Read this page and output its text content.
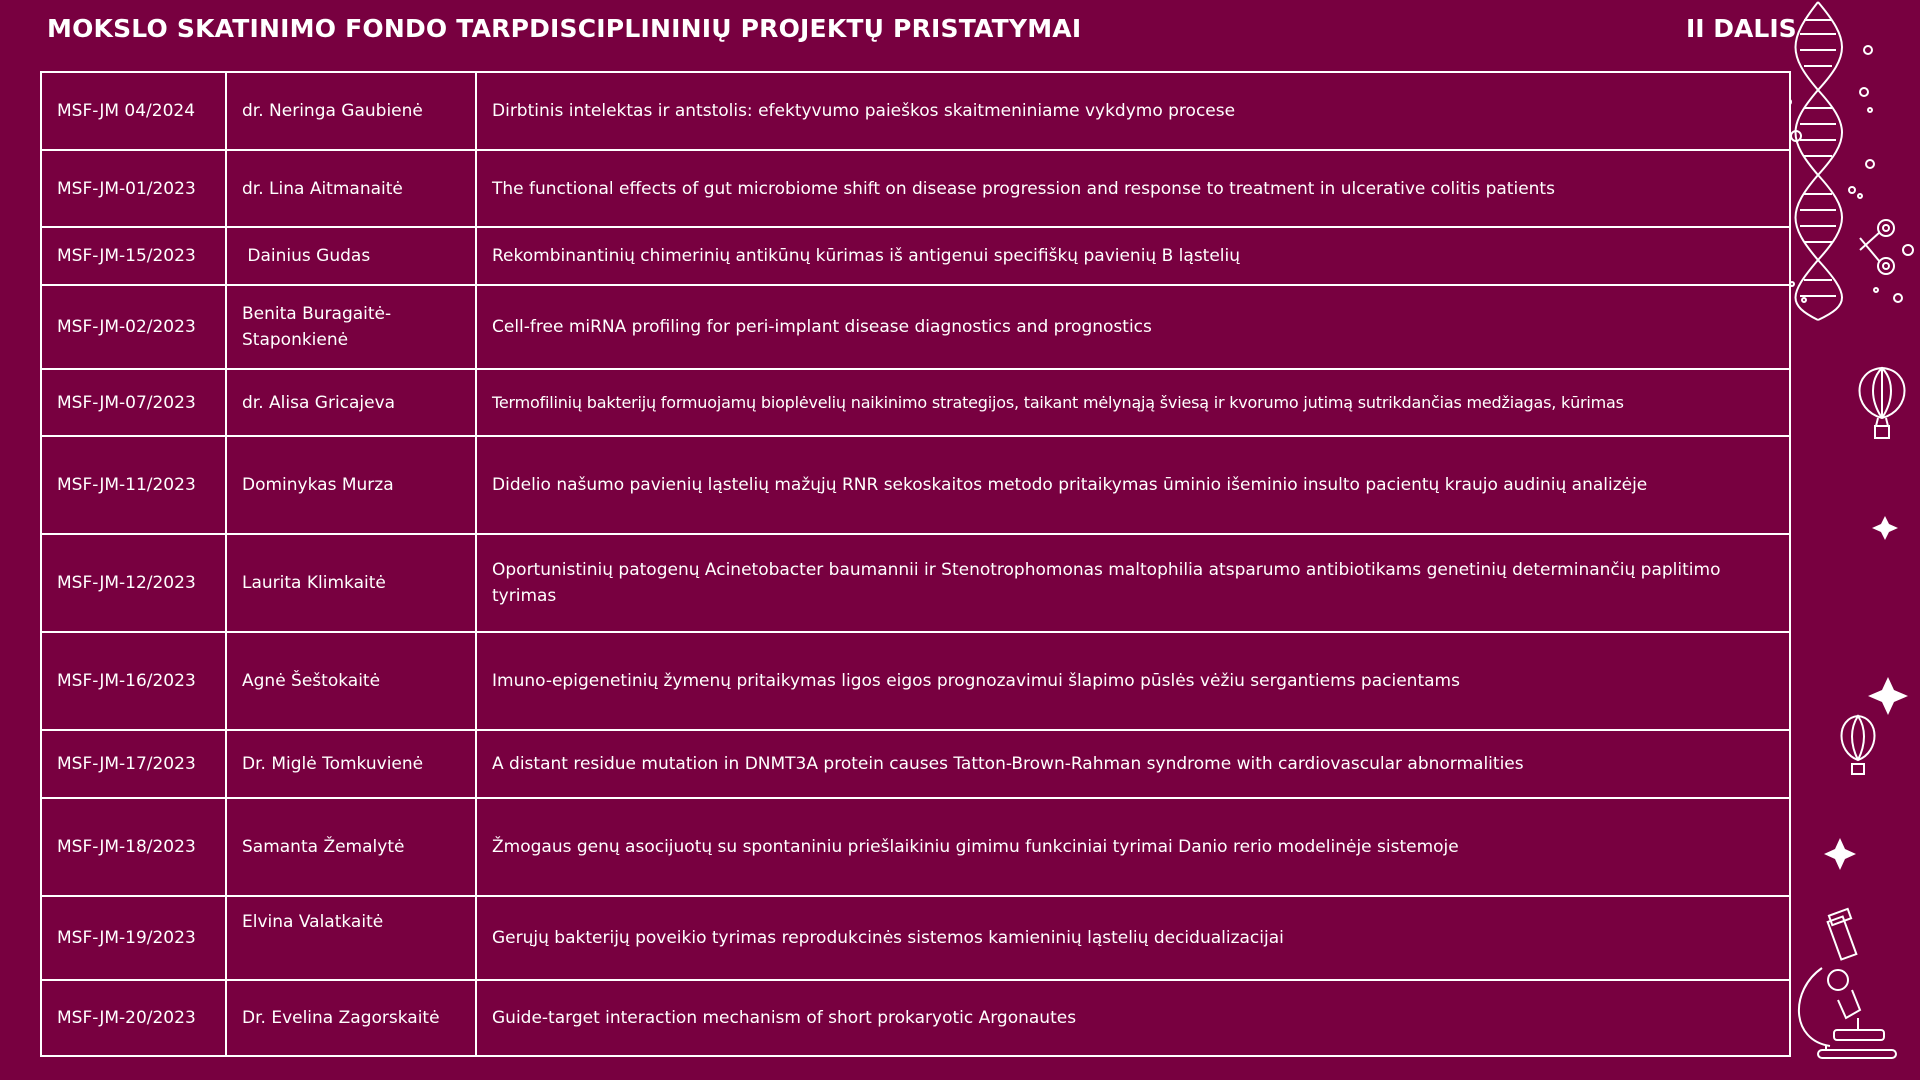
MOKSLO SKATINIMO FONDO TARPDISCIPLININIŲ PROJEKTŲ PRISTATYMAI	II DALIS
MSF-JM 04/2024	dr. Neringa Gaubienė	Dirbtinis intelektas ir antstolis: efektyvumo paieškos skaitmeniniame vykdymo procese
MSF-JM-01/2023	dr. Lina Aitmanaitė	The functional effects of gut microbiome shift on disease progression and response to treatment in ulcerative colitis patients
MSF-JM-15/2023	Dainius Gudas	Rekombinantinių chimerinių antikūnų kūrimas iš antigenui specifiškų pavienių B ląstelių
MSF-JM-02/2023	Benita Buragaitė-Staponkienė	Cell-free miRNA profiling for peri-implant disease diagnostics and prognostics
MSF-JM-07/2023	dr. Alisa Gricajeva	Termofilinių bakterijų formuojamų bioplėvelių naikinimo strategijos, taikant mėlynąją šviesą ir kvorumo jutimą sutrikdančias medžiagas, kūrimas
MSF-JM-11/2023	Dominykas Murza	Didelio našumo pavienių ląstelių mažųjų RNR sekoskaitos metodo pritaikymas ūminio išeminio insulto pacientų kraujo audinių analizėje
MSF-JM-12/2023	Laurita Klimkaitė	Oportunistinių patogenų Acinetobacter baumannii ir Stenotrophomonas maltophilia atsparumo antibiotikams genetinių determinančių paplitimo tyrimas
MSF-JM-16/2023	Agnė Šeštokaitė	Imuno-epigenetinių žymenų pritaikymas ligos eigos prognozavimui šlapimo pūslės vėžiu sergantiems pacientams
MSF-JM-17/2023	Dr. Miglė Tomkuvienė	A distant residue mutation in DNMT3A protein causes Tatton-Brown-Rahman syndrome with cardiovascular abnormalities
MSF-JM-18/2023	Samanta Žemalytė	Žmogaus genų asocijuotų su spontaniniu priešlaikiniu gimimu funkciniai tyrimai Danio rerio modelinėje sistemoje
MSF-JM-19/2023	Elvina Valatkaitė	Gerųjų bakterijų poveikio tyrimas reprodukcinės sistemos kamieninių ląstelių decidualizacijai
MSF-JM-20/2023	Dr. Evelina Zagorskaitė	Guide-target interaction mechanism of short prokaryotic Argonautes
